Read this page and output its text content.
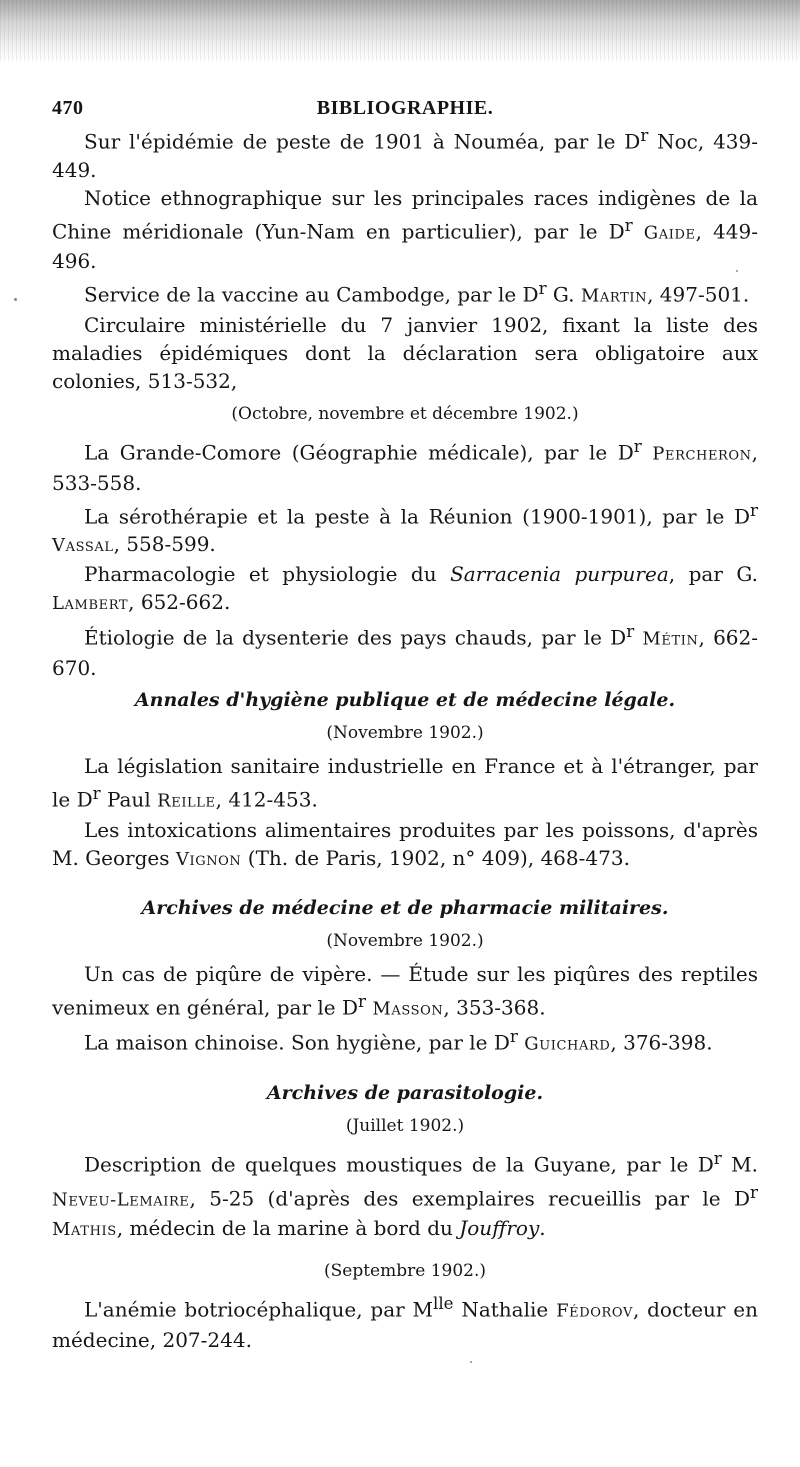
470	BIBLIOGRAPHIE.

Sur l'épidémie de peste de 1901 à Nouméa, par le $D^r$ Noc, 439-449.

Notice ethnographique sur les principales races indigènes de la Chine méridionale (Yun-Nam en particulier), par le $D^r$ Gaide, 449-496.

Service de la vaccine au Cambodge, par le $D^r$ G. Martin, 497-501.

Circulaire ministérielle du 7 janvier 1902, fixant la liste des maladies épidémiques dont la déclaration sera obligatoire aux colonies, 513-532,

(Octobre, novembre et décembre 1902.)

La Grande-Comore (Géographie médicale), par le $D^r$ Percheron, 533-558.

La sérothérapie et la peste à la Réunion (1900-1901), par le $D^r$ Vassal, 558-599.

Pharmacologie et physiologie du Sarracenia purpurea, par G. Lambert, 652-662.

Étiologie de la dysenterie des pays chauds, par le $D^r$ Métin, 662-670.

Annales d'hygiène publique et de médecine légale.
(Novembre 1902.)

La législation sanitaire industrielle en France et à l'étranger, par le $D^r$ Paul Reille, 412-453.

Les intoxications alimentaires produites par les poissons, d'après M. Georges Vignon (Th. de Paris, 1902, n° 409), 468-473.

Archives de médecine et de pharmacie militaires.
(Novembre 1902.)

Un cas de piqûre de vipère. — Étude sur les piqûres des reptiles venimeux en général, par le $D^r$ Masson, 353-368.

La maison chinoise. Son hygiène, par le $D^r$ Guichard, 376-398.

Archives de parasitologie.
(Juillet 1902.)

Description de quelques moustiques de la Guyane, par le $D^r$ M. Neveu-Lemaire, 5-25 (d'après des exemplaires recueillis par le $D^r$ Mathis, médecin de la marine à bord du Jouffroy.

(Septembre 1902.)

L'anémie botriocéphalique, par $M^{lle}$ Nathalie Fédorov, docteur en médecine, 207-244.
